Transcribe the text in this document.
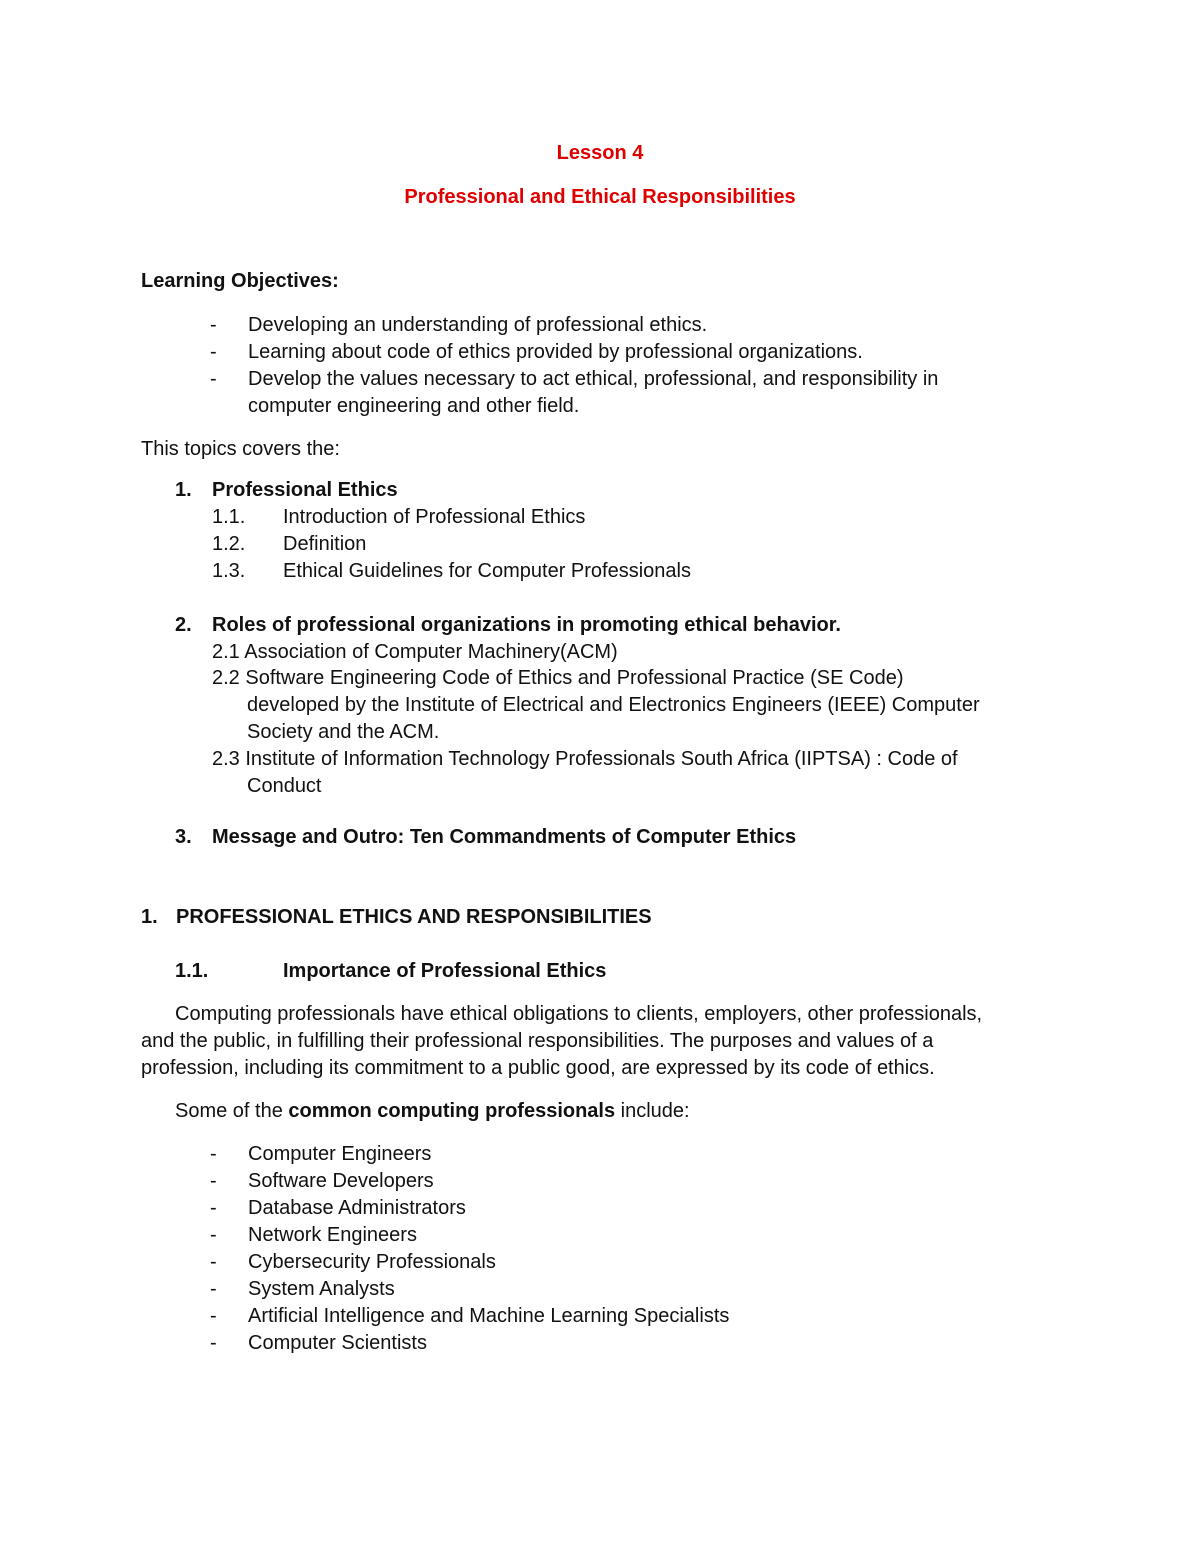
Lesson 4
Professional and Ethical Responsibilities
Learning Objectives:
-	Developing an understanding of professional ethics.
-	Learning about code of ethics provided by professional organizations.
-	Develop the values necessary to act ethical, professional, and responsibility in
computer engineering and other field.
This topics covers the:
1. Professional Ethics
1.1. Introduction of Professional Ethics
1.2. Definition
1.3. Ethical Guidelines for Computer Professionals
2. Roles of professional organizations in promoting ethical behavior.
2.1 Association of Computer Machinery(ACM)
2.2 Software Engineering Code of Ethics and Professional Practice (SE Code)
developed by the Institute of Electrical and Electronics Engineers (IEEE) Computer
Society and the ACM.
2.3 Institute of Information Technology Professionals South Africa (IIPTSA) : Code of
Conduct
3. Message and Outro: Ten Commandments of Computer Ethics
1. PROFESSIONAL ETHICS AND RESPONSIBILITIES
1.1.	Importance of Professional Ethics
Computing professionals have ethical obligations to clients, employers, other professionals,
and the public, in fulfilling their professional responsibilities. The purposes and values of a
profession, including its commitment to a public good, are expressed by its code of ethics.
Some of the common computing professionals include:
-	Computer Engineers
-	Software Developers
-	Database Administrators
-	Network Engineers
-	Cybersecurity Professionals
-	System Analysts
-	Artificial Intelligence and Machine Learning Specialists
-	Computer Scientists
